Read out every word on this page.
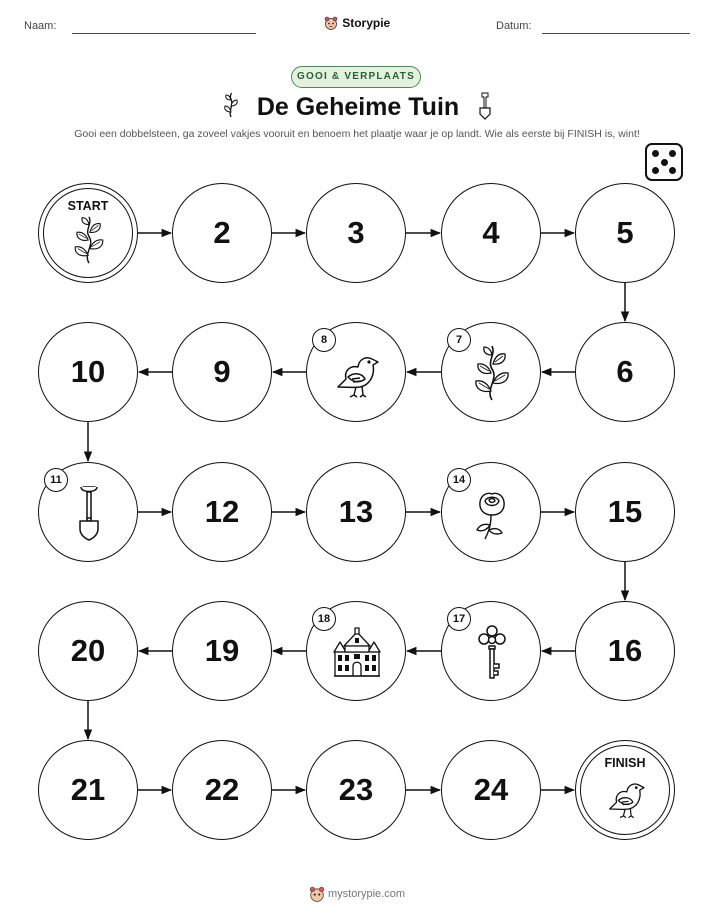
Naam:	Storypie	Datum:
GOOI & VERPLAATS
De Geheime Tuin
Gooi een dobbelsteen, ga zoveel vakjes vooruit en benoem het plaatje waar je op landt. Wie als eerste bij FINISH is, wint!
START
2	3	4	5
6
7
8
9
10
11
12	13
14
15
16
17
18
19
20
21	22	23	24
FINISH
mystorypie.com
